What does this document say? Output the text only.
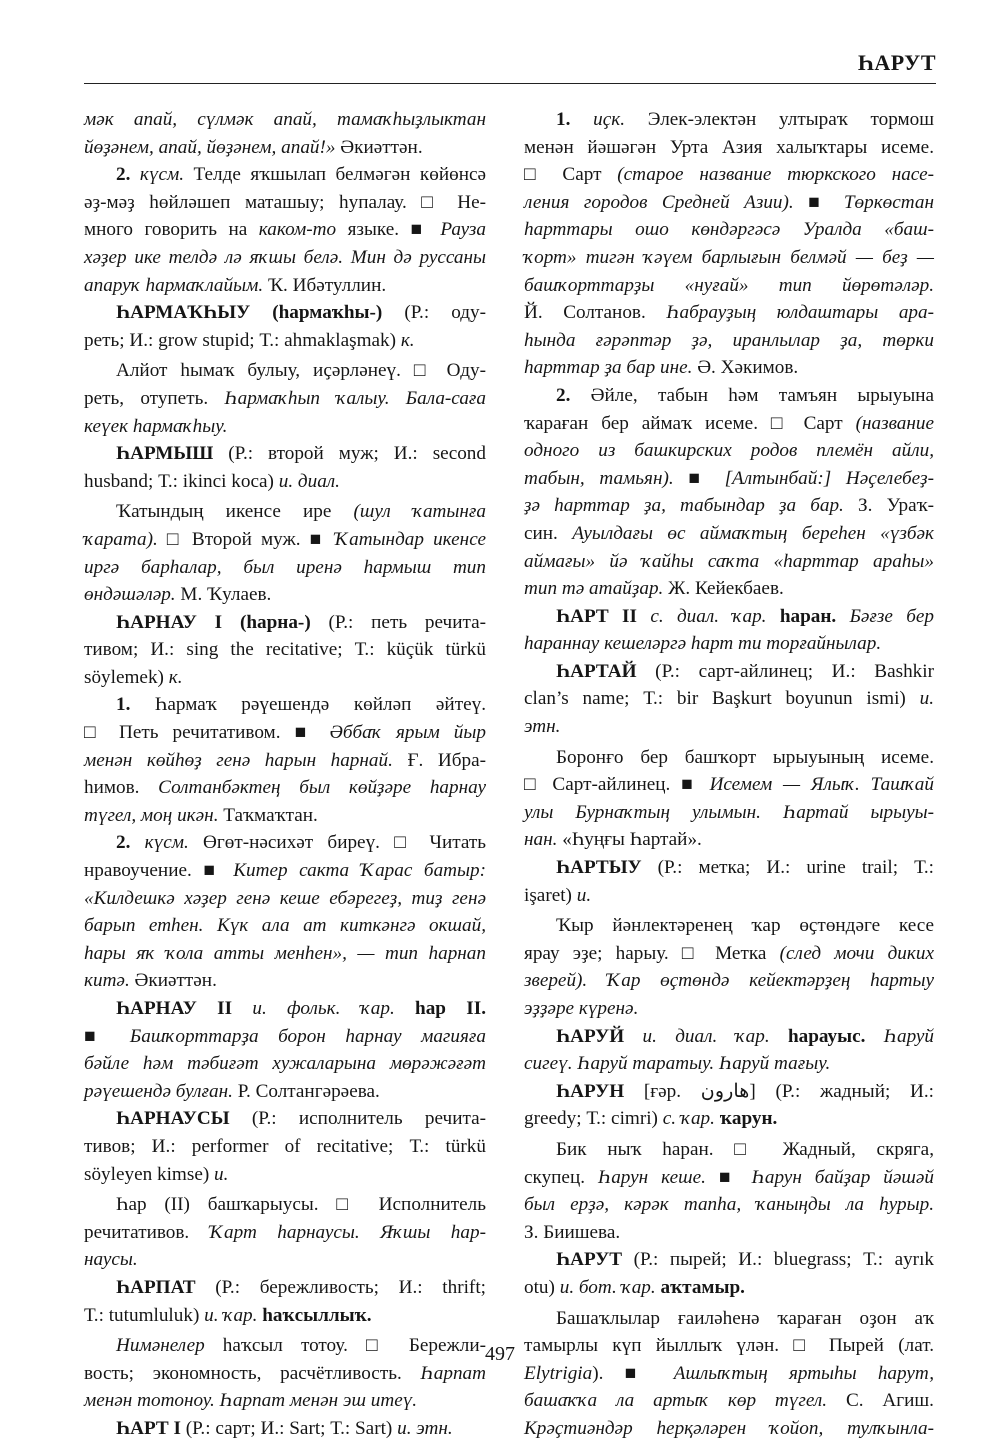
ҺАРУТ
мәк апай, сүлмәк апай, тамаҡһыҙлыктан
йөҙәнем, апай, йөҙәнем, апай!» Әкиәттән.
2. күсм. Телде яҡшылап белмәгән көйөнсә
әҙ-мәҙ һөйләшеп маташыу; һупалау. □ Не-
много говорить на каком-то языке. ■ Рауза
хәҙер ике телдә лә яҡшы белә. Мин дә руссаны
апаруҡ һармаҡлайым. Ҡ. Ибәтуллин.
ҺАРМАҠҺЫУ (һармаҡһы-) (Р.: оду-
реть; И.: grow stupid; Т.: ahmaklaşmak) к.
Алйот һымаҡ булыу, иҫәрләнеү. □ Оду-
реть, отупеть. Һармаҡһып ҡалыу. Бала-саға
кеүек һармаҡһыу.
ҺАРМЫШ (Р.: второй муж; И.: second
husband; Т.: ikinci koca) и. диал.
Ҡатындың икенсе ире (шул ҡатынға
ҡарата). □ Второй муж. ■ Ҡатындар икенсе
иргә барһалар, был иренә һармыш тип
өндәшәләр. М. Ҡулаев.
ҺАРНАУ I (һарна-) (Р.: петь речита-
тивом; И.: sing the recitative; Т.: küçük türkü
söylemek) к.
1. Һармаҡ рәүешендә көйләп әйтеү.
□ Петь речитативом. ■ Әббаҡ ярым йыр
менән көйһөҙ генә һарын һарнай. Ғ. Ибра-
һимов. Солтанбәктең был көйҙәре һарнау
түгел, моң икән. Таҡмаҡтан.
2. күсм. Өгөт-нәсихәт биреү. □ Читать
нравоучение. ■ Китер сакта Ҡарас батыр:
«Килдешкә хәҙер генә кеше ебәрегеҙ, тиҙ генә
барып етһен. Күк ала ат киткәнгә окшай,
һары яҡ ҡола атты менһен», — тип һарнап
китә. Әкиәттән.
ҺАРНАУ II и. фольк. ҡар. һар II.
■ Башҡорттарҙа борон һарнау магияға
бәйле һәм тәбиғәт хужаларына мөрәжәғәт
рәүешендә булған. Р. Солтангәрәева.
ҺАРНАУСЫ (Р.: исполнитель речита-
тивов; И.: performer of recitative; Т.: türkü
söyleyen kimse) и.
Һар (II) башҡарыусы. □ Исполнитель
речитативов. Ҡарт һарнаусы. Яҡшы һар-
наусы.
ҺАРПАТ (Р.: бережливость; И.: thrift;
Т.: tutumluluk) и. ҡар. һаҡсыллыҡ.
Нимәнелер һаҡсыл тотоу. □ Бережли-
вость; экономность, расчётливость. Һарпат
менән тотоноу. Һарпат менән эш итеү.
ҺАРТ I (Р.: сарт; И.: Sart; Т.: Sart) и. этн.
1. иҫк. Элек-электән ултыраҡ тормош
менән йәшәгән Урта Азия халыҡтары исеме.
□ Сарт (старое название тюркского насе-
ления городов Средней Азии). ■ Төркөстан
һарттары ошо көндәргәсә Уралда «баш-
ҡорт» тигән ҡәүем барлығын белмәй — беҙ —
башҡорттарҙы «нуғай» тип йөрөтәләр.
Й. Солтанов. Һабрауҙың юлдаштары ара-
һында ғәрәптәр ҙә, иранлылар ҙа, төрки
һарттар ҙа бар ине. Ә. Хәкимов.
2. Әйле, табын һәм тамъян ырыуына
ҡараған бер аймаҡ исеме. □ Сарт (название
одного из башкирских родов племён айли,
табын, тамьян). ■ [Алтынбай:] Нәҫелебеҙ-
ҙә һарттар ҙа, табындар ҙа бар. З. Ураҡ-
син. Ауылдағы өс аймаҡтың береһен «үзбәк
аймағы» йә ҡайһы саҡта «һарттар араһы»
тип тә атайҙар. Ж. Кейекбаев.
ҺАРТ II с. диал. ҡар. һаран. Бәғзе бер
һараннау кешеләргә һарт ти торғайнылар.
ҺАРТАЙ (Р.: сарт-айлинец; И.: Bashkir
clan’s name; Т.: bir Başkurt boyunun ismi) и.
этн.
Боронғо бер башҡорт ырыуының исеме.
□ Сарт-айлинец. ■ Исемем — Ялыҡ. Ташҡай
улы Бурнаҡтың улымын. Һартай ырыуы-
нан. «Һуңғы Һартай».
ҺАРТЫУ (Р.: метка; И.: urine trail; Т.:
işaret) и.
Ҡыр йәнлектәренең ҡар өҫтөндәге кесе
ярау эҙе; һарыу. □ Метка (след мочи диких
зверей). Ҡар өҫтөндә кейектәрҙең һартыу
эҙҙәре күренә.
ҺАРУЙ и. диал. ҡар. һарауыс. Һаруй
сигеү. Һаруй таратыу. Һаруй тағыу.
ҺАРУН [ғәр. هارون] (Р.: жадный; И.:
greedy; Т.: cimri) с. ҡар. ҡарун.
Бик ныҡ һаран. □ Жадный, скряга,
скупец. Һарун кеше. ■ Һарун байҙар йәшәй
был ерҙә, кәрәк тапһа, ҡаныңды ла һурыр.
З. Биишева.
ҺАРУТ (Р.: пырей; И.: bluegrass; Т.: ayrık
otu) и. бот. ҡар. аҡтамыр.
Башаҡлылар ғаиләһенә ҡараған оҙон аҡ
тамырлы күп йыллыҡ үлән. □ Пырей (лат.
Elytrigia). ■ Ашлыҡтың яртыһы һарут,
башаҡҡа ла артыҡ көр түгел. С. Агиш.
Крәҫтиәндәр һерқәләрен ҡойоп, тулҡынла-
497
